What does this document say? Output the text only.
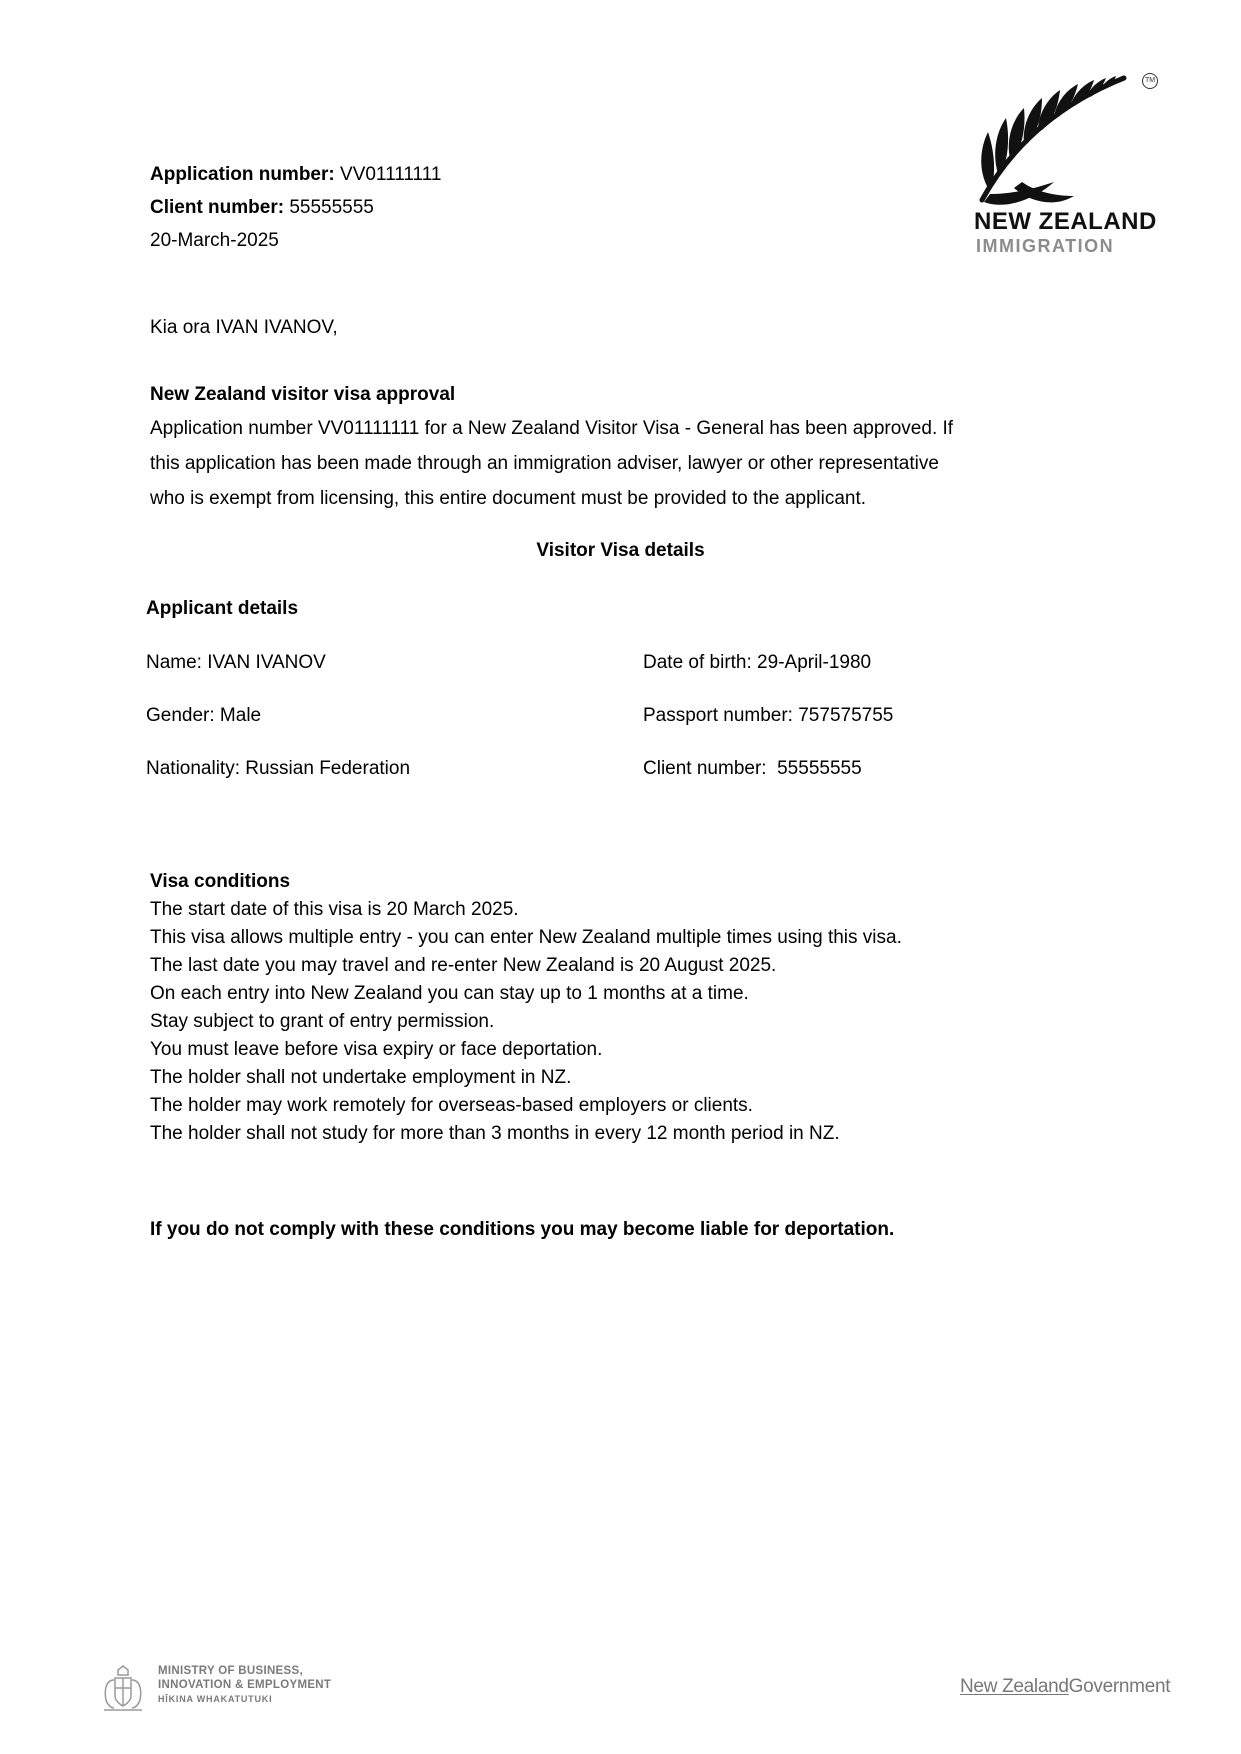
Application number: VV01111111
Client number: 55555555
20-March-2025
TM
NEW ZEALAND
IMMIGRATION
Kia ora IVAN IVANOV,
New Zealand visitor visa approval
Application number VV01111111 for a New Zealand Visitor Visa - General has been approved. If
this application has been made through an immigration adviser, lawyer or other representative
who is exempt from licensing, this entire document must be provided to the applicant.
Visitor Visa details
Applicant details
Name: IVAN IVANOV	Date of birth: 29-April-1980
Gender: Male	Passport number: 757575755
Nationality: Russian Federation	Client number:  55555555
Visa conditions
The start date of this visa is 20 March 2025.
This visa allows multiple entry - you can enter New Zealand multiple times using this visa.
The last date you may travel and re-enter New Zealand is 20 August 2025.
On each entry into New Zealand you can stay up to 1 months at a time.
Stay subject to grant of entry permission.
You must leave before visa expiry or face deportation.
The holder shall not undertake employment in NZ.
The holder may work remotely for overseas-based employers or clients.
The holder shall not study for more than 3 months in every 12 month period in NZ.
If you do not comply with these conditions you may become liable for deportation.
MINISTRY OF BUSINESS,
INNOVATION & EMPLOYMENT
HĪKINA WHAKATUTUKI
New ZealandGovernment
